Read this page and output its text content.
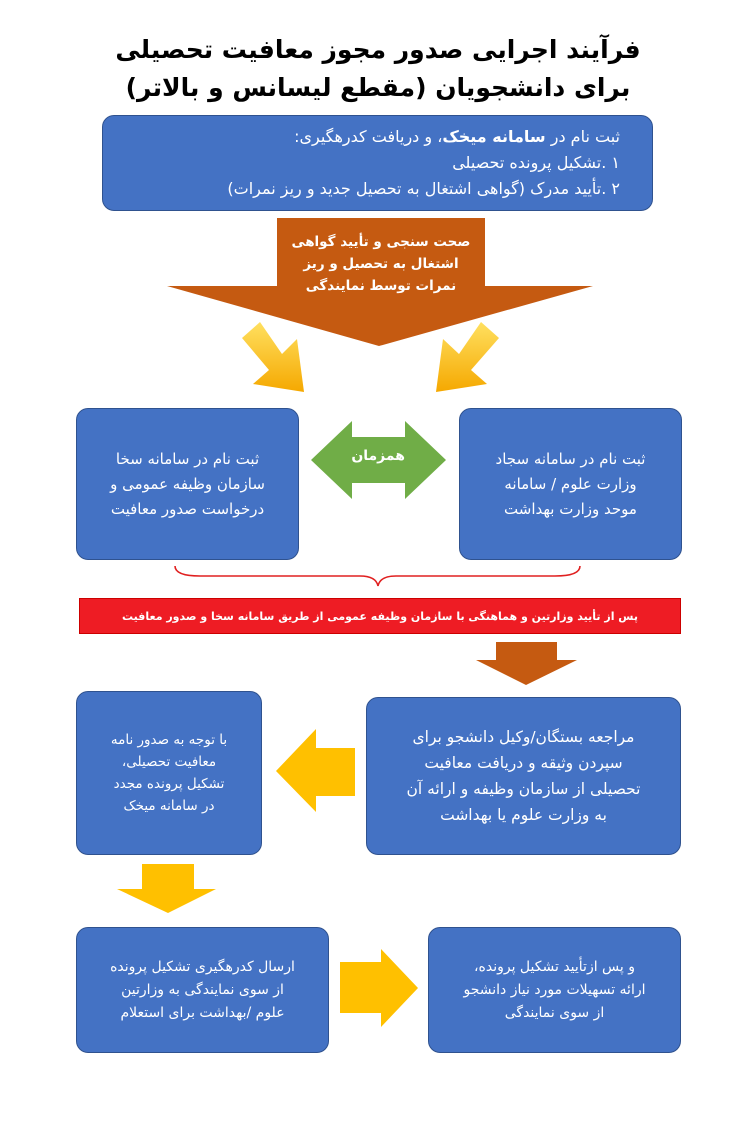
فرآیند اجرایی صدور مجوز معافیت تحصیلی
برای دانشجویان (مقطع لیسانس و بالاتر)
ثبت نام در سامانه میخک، و دریافت کدرهگیری:
۱ .تشکیل پرونده تحصیلی
۲ .تأیید مدرک (گواهی اشتغال به تحصیل جدید و ریز نمرات)
صحت سنجی و تأیید گواهی
اشتغال به تحصیل و ریز
نمرات توسط نمایندگی
ثبت نام در سامانه سخا
سازمان وظیفه عمومی و
درخواست صدور معافیت
ثبت نام در سامانه سجاد
وزارت علوم / سامانه
موحد وزارت بهداشت
همزمان
پس از تأیید وزارتین و هماهنگی با سازمان وظیفه عمومی از طریق سامانه سخا و صدور معافیت
مراجعه بستگان/وکیل دانشجو برای
سپردن وثیقه و دریافت معافیت
تحصیلی از سازمان وظیفه و ارائه آن
به وزارت علوم یا بهداشت
با توجه به صدور نامه
معافیت تحصیلی،
تشکیل پرونده مجدد
در سامانه میخک
ارسال کدرهگیری تشکیل پرونده
از سوی نمایندگی به وزارتین
علوم /بهداشت برای استعلام
و پس ازتأیید تشکیل پرونده،
ارائه تسهیلات مورد نیاز دانشجو
از سوی نمایندگی
